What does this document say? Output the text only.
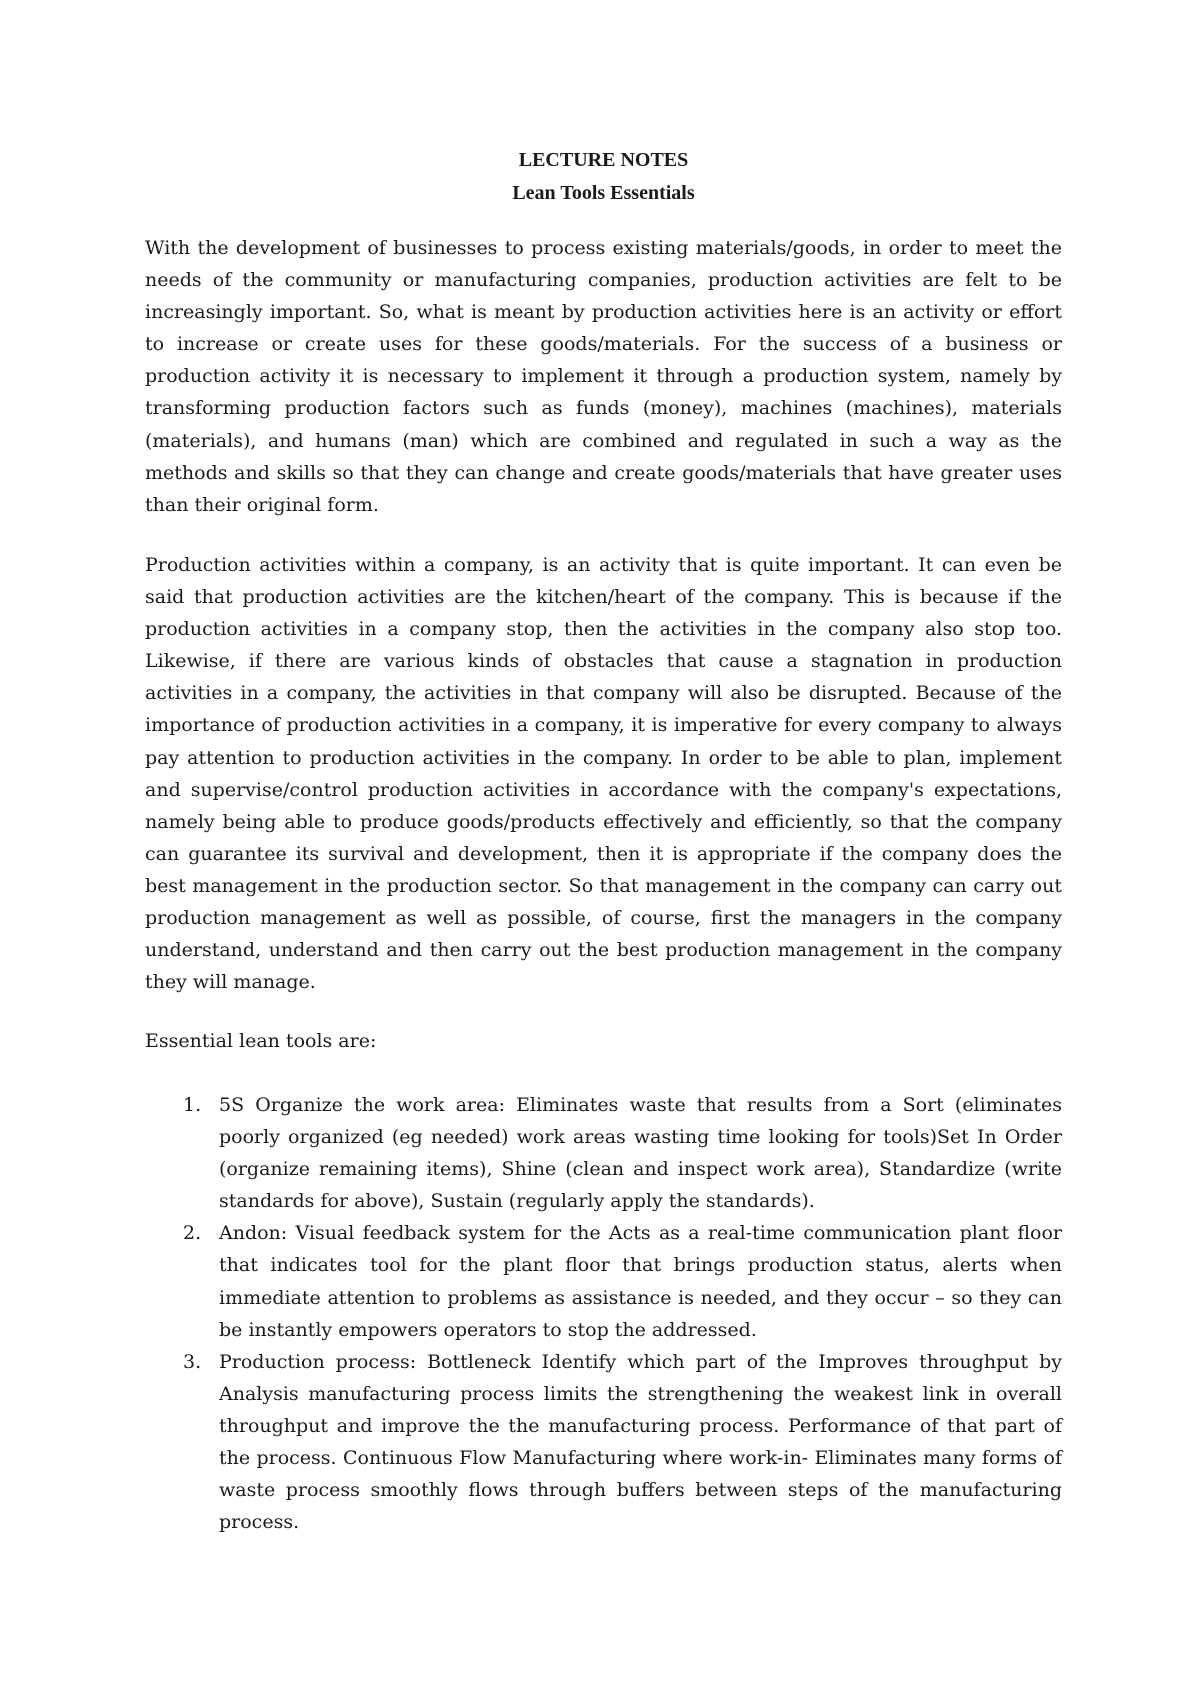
LECTURE NOTES
Lean Tools Essentials

With the development of businesses to process existing materials/goods, in order to meet the needs of the community or manufacturing companies, production activities are felt to be increasingly important. So, what is meant by production activities here is an activity or effort to increase or create uses for these goods/materials. For the success of a business or production activity it is necessary to implement it through a production system, namely by transforming production factors such as funds (money), machines (machines), materials (materials), and humans (man) which are combined and regulated in such a way as the methods and skills so that they can change and create goods/materials that have greater uses than their original form.

Production activities within a company, is an activity that is quite important. It can even be said that production activities are the kitchen/heart of the company. This is because if the production activities in a company stop, then the activities in the company also stop too. Likewise, if there are various kinds of obstacles that cause a stagnation in production activities in a company, the activities in that company will also be disrupted. Because of the importance of production activities in a company, it is imperative for every company to always pay attention to production activities in the company. In order to be able to plan, implement and supervise/control production activities in accordance with the company's expectations, namely being able to produce goods/products effectively and efficiently, so that the company can guarantee its survival and development, then it is appropriate if the company does the best management in the production sector. So that management in the company can carry out production management as well as possible, of course, first the managers in the company understand, understand and then carry out the best production management in the company they will manage.

Essential lean tools are:

1. 5S Organize the work area: Eliminates waste that results from a Sort (eliminates poorly organized (eg needed) work areas wasting time looking for tools)Set In Order (organize remaining items), Shine (clean and inspect work area), Standardize (write standards for above), Sustain (regularly apply the standards).
2. Andon: Visual feedback system for the Acts as a real-time communication plant floor that indicates tool for the plant floor that brings production status, alerts when immediate attention to problems as assistance is needed, and they occur – so they can be instantly empowers operators to stop the addressed.
3. Production process: Bottleneck Identify which part of the Improves throughput by Analysis manufacturing process limits the strengthening the weakest link in overall throughput and improve the the manufacturing process. Performance of that part of the process. Continuous Flow Manufacturing where work-in- Eliminates many forms of waste process smoothly flows through buffers between steps of the manufacturing process.
